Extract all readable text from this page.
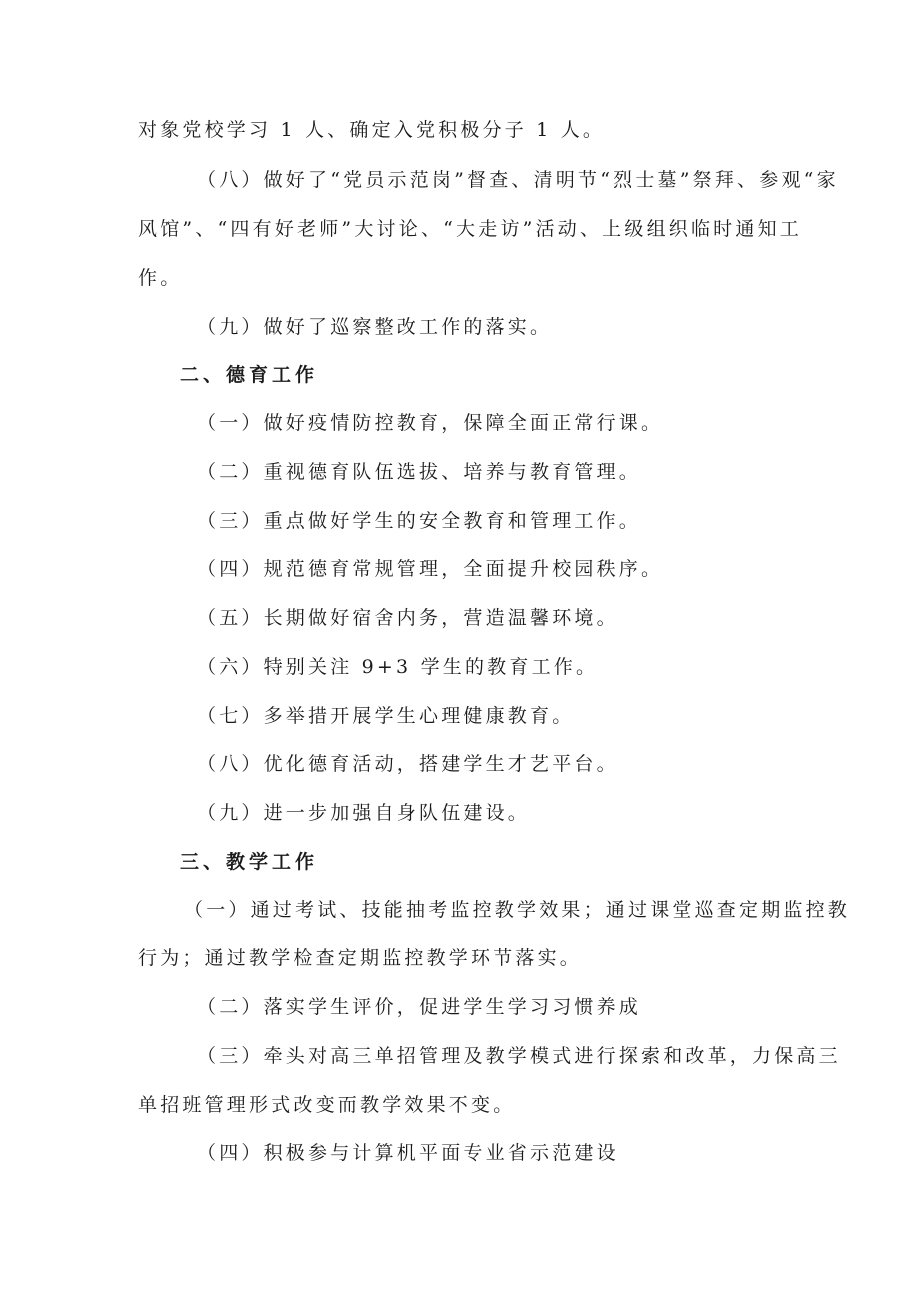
对象党校学习 1 人、确定入党积极分子 1 人。

（八）做好了“党员示范岗”督查、清明节“烈士墓”祭拜、参观“家

风馆”、“四有好老师”大讨论、“大走访”活动、上级组织临时通知工

作。

（九）做好了巡察整改工作的落实。

二、德育工作

（一）做好疫情防控教育，保障全面正常行课。

（二）重视德育队伍选拔、培养与教育管理。

（三）重点做好学生的安全教育和管理工作。

（四）规范德育常规管理，全面提升校园秩序。

（五）长期做好宿舍内务，营造温馨环境。

（六）特别关注 9+3 学生的教育工作。

（七）多举措开展学生心理健康教育。

（八）优化德育活动，搭建学生才艺平台。

（九）进一步加强自身队伍建设。

三、教学工作

（一）通过考试、技能抽考监控教学效果；通过课堂巡查定期监控教

行为；通过教学检查定期监控教学环节落实。

（二）落实学生评价，促进学生学习习惯养成

（三）牵头对高三单招管理及教学模式进行探索和改革，力保高三

单招班管理形式改变而教学效果不变。

（四）积极参与计算机平面专业省示范建设
